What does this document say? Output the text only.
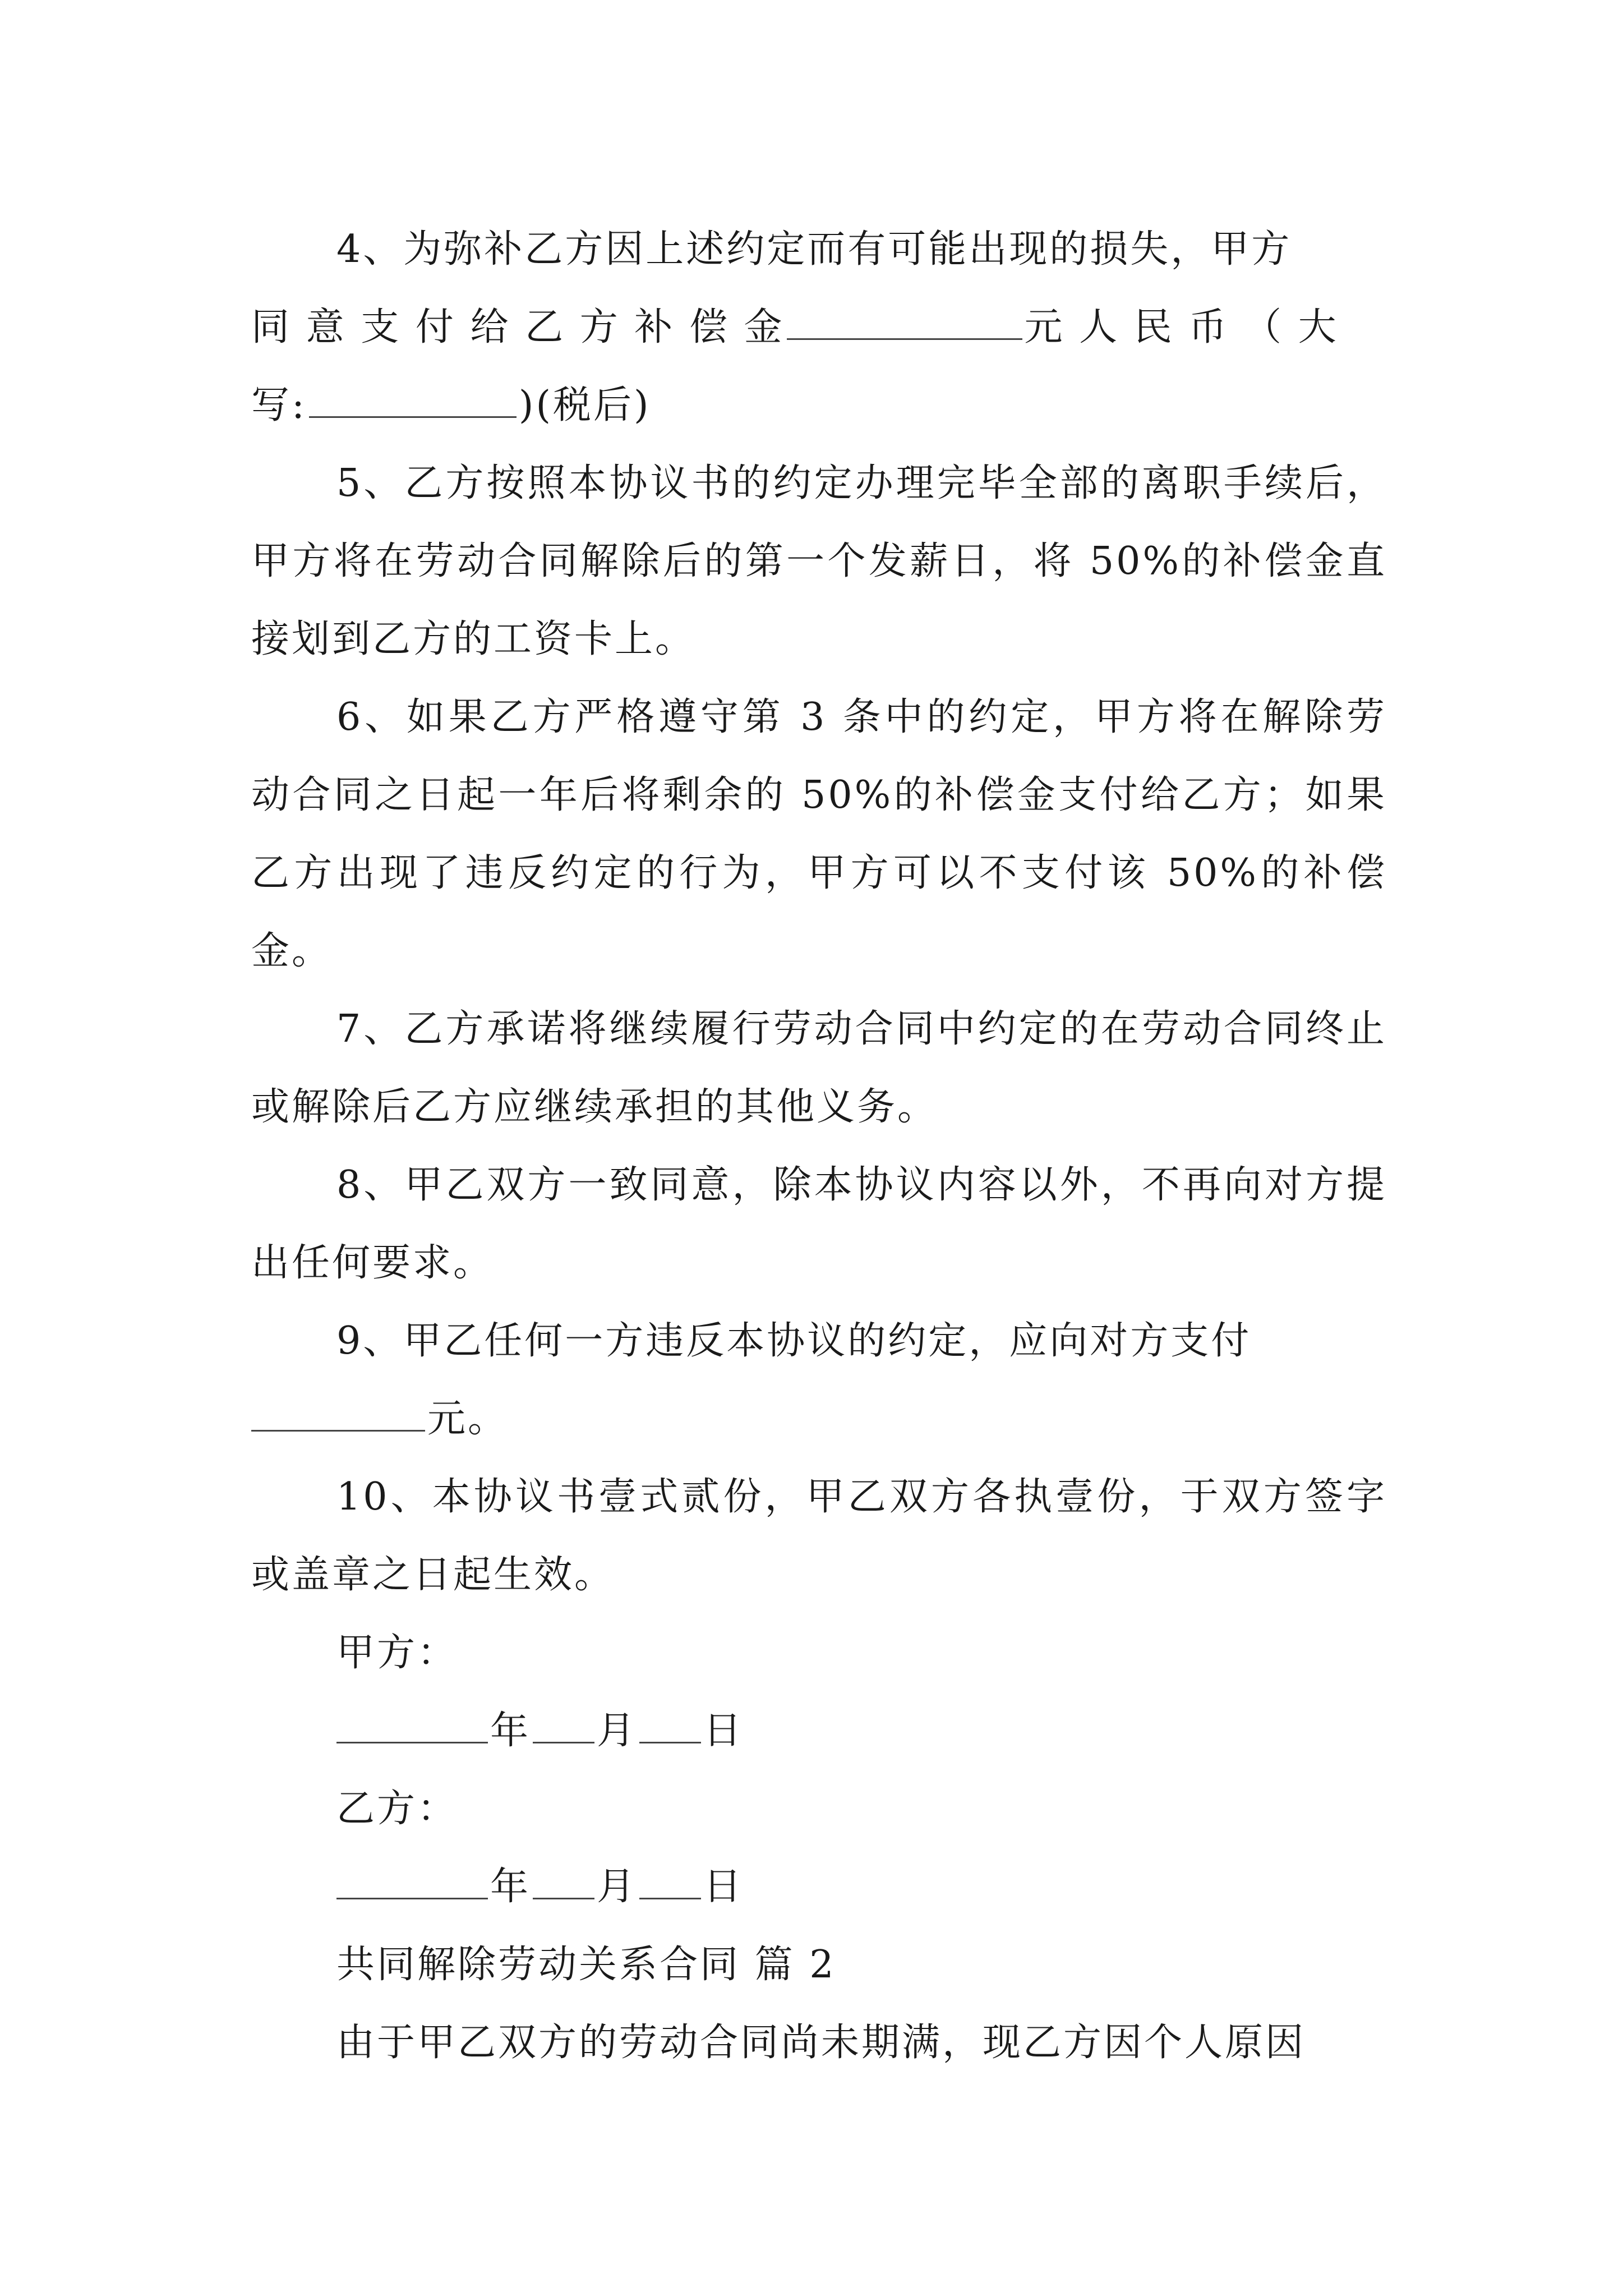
4、为弥补乙方因上述约定而有可能出现的损失，甲方
同 意 支 付 给 乙 方 补 偿 金	元 人 民 币 （ 大
写:	)(税后)

5、乙方按照本协议书的约定办理完毕全部的离职手续后，甲方将在劳动合同解除后的第一个发薪日，将 50%的补偿金直接划到乙方的工资卡上。

6、如果乙方严格遵守第 3 条中的约定，甲方将在解除劳动合同之日起一年后将剩余的 50%的补偿金支付给乙方；如果乙方出现了违反约定的行为，甲方可以不支付该 50%的补偿金。

7、乙方承诺将继续履行劳动合同中约定的在劳动合同终止或解除后乙方应继续承担的其他义务。

8、甲乙双方一致同意，除本协议内容以外，不再向对方提出任何要求。

9、甲乙任何一方违反本协议的约定，应向对方支付
元。

10、本协议书壹式贰份，甲乙双方各执壹份，于双方签字或盖章之日起生效。

甲方：
年 月 日
乙方：
年 月 日
共同解除劳动关系合同 篇 2
由于甲乙双方的劳动合同尚未期满，现乙方因个人原因
